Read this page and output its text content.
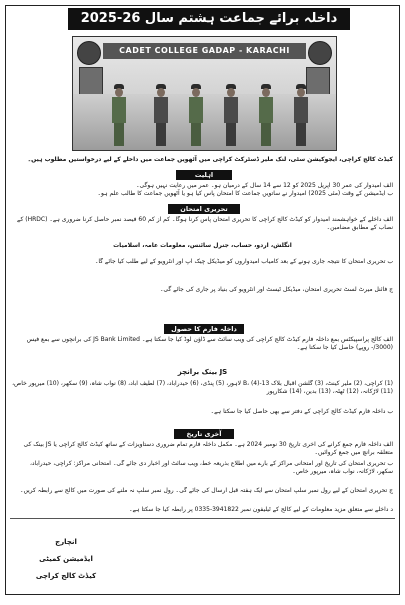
داخلہ برائے جماعت ہشتم سال 26-2025
CADET COLLEGE GADAP - KARACHI
کیڈٹ کالج کراچی، ایجوکیشن سٹی، لنک ملیر ڈسٹرکٹ کراچی میں آٹھویں جماعت میں داخلے کے لیے درخواستیں مطلوب ہیں۔
اہلیت
الف امیدوار کی عمر 30 اپریل 2025 کو 12 سے 14 سال کے درمیان ہو۔ عمر میں رعایت نہیں ہوگی۔
ب ایڈمیشن کے وقت (مئی 2025) امیدوار نے ساتویں جماعت کا امتحان پاس کیا ہو یا آٹھویں جماعت کا طالب علم ہو۔
تحریری امتحان
الف داخلے کے خواہشمند امیدوار کو کیڈٹ کالج کراچی کا تحریری امتحان پاس کرنا ہوگا۔ کم از کم 60 فیصد نمبر حاصل کرنا ضروری ہے۔ (HRDC) کے نصاب کے مطابق مضامین۔
انگلش، اردو، حساب، جنرل سائنس، معلومات عامہ، اسلامیات
ب تحریری امتحان کا نتیجہ جاری ہونے کے بعد کامیاب امیدواروں کو میڈیکل چیک اپ اور انٹرویو کے لیے طلب کیا جائے گا۔
ج فائنل میرٹ لسٹ تحریری امتحان، میڈیکل ٹیسٹ اور انٹرویو کی بنیاد پر جاری کی جائے گی۔
داخلہ فارم کا حصول
الف کالج پراسپیکٹس بمع داخلہ فارم کیڈٹ کالج کراچی کی ویب سائٹ سے ڈاؤن لوڈ کیا جا سکتا ہے۔ JS Bank Limited کی برانچوں سے بمع فیس (3000/- روپے) حاصل کیا جا سکتا ہے۔
JS بینک برانچز
(1) کراچی، (2) ملیر کینٹ، (3) گلشن اقبال بلاک 13-B، (4) لاہور، (5) پنڈی، (6) حیدرآباد، (7) لطیف آباد، (8) نواب شاہ، (9) سکھر، (10) میرپور خاص، (11) لاڑکانہ، (12) ٹھٹہ، (13) بدین، (14) شکارپور
ب داخلہ فارم کیڈٹ کالج کراچی کے دفتر سے بھی حاصل کیا جا سکتا ہے۔
آخری تاریخ
الف داخلہ فارم جمع کرانے کی آخری تاریخ 30 نومبر 2024 ہے۔ مکمل داخلہ فارم تمام ضروری دستاویزات کے ساتھ کیڈٹ کالج کراچی یا JS بینک کی متعلقہ برانچ میں جمع کروائیں۔
ب تحریری امتحان کی تاریخ اور امتحانی مراکز کے بارے میں اطلاع بذریعہ خط، ویب سائٹ اور اخبار دی جائے گی۔ امتحانی مراکز: کراچی، حیدرآباد، سکھر، لاڑکانہ، نواب شاہ، میرپور خاص۔
ج تحریری امتحان کے لیے رول نمبر سلپ امتحان سے ایک ہفتہ قبل ارسال کی جائے گی۔ رول نمبر سلپ نہ ملنے کی صورت میں کالج سے رابطہ کریں۔
د داخلے سے متعلق مزید معلومات کے لیے کالج کے ٹیلیفون نمبر 3941822-0335 پر رابطہ کیا جا سکتا ہے۔
انچارج
ایڈمیشن کمیٹی
کیڈٹ کالج کراچی
